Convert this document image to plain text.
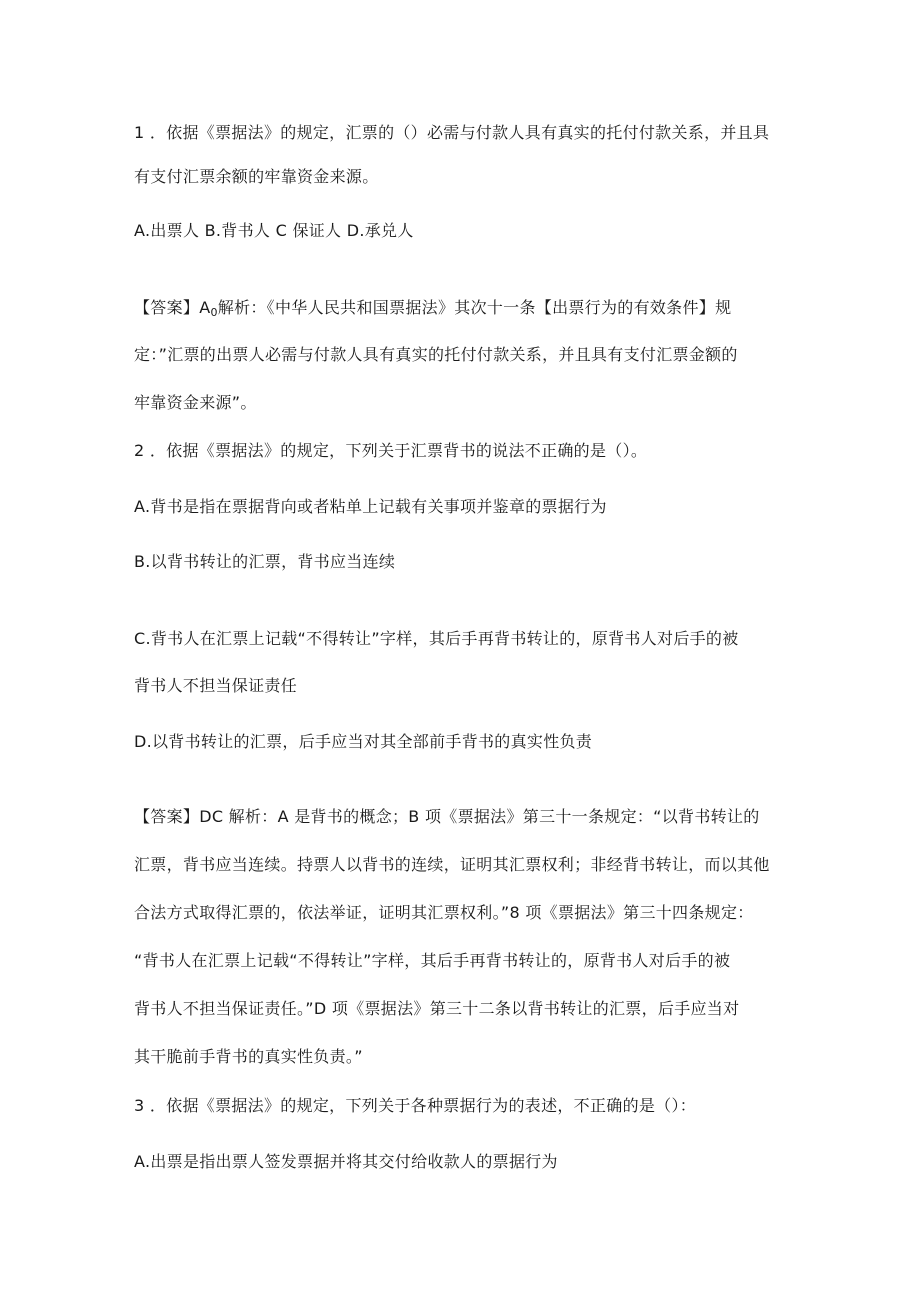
1 ．依据《票据法》的规定，汇票的（）必需与付款人具有真实的托付付款关系，并且具
有支付汇票余额的牢靠资金来源。
A.出票人 B.背书人 C 保证人 D.承兑人
【答案】$A_0$解析：《中华人民共和国票据法》其次十一条【出票行为的有效条件】规
定：”汇票的出票人必需与付款人具有真实的托付付款关系，并且具有支付汇票金额的
牢靠资金来源”。
2 ．依据《票据法》的规定，下列关于汇票背书的说法不正确的是（）。
A.背书是指在票据背向或者粘单上记载有关事项并鉴章的票据行为
B.以背书转让的汇票，背书应当连续
C.背书人在汇票上记载“不得转让”字样，其后手再背书转让的，原背书人对后手的被
背书人不担当保证责任
D.以背书转让的汇票，后手应当对其全部前手背书的真实性负责
【答案】DC 解析：A 是背书的概念；B 项《票据法》第三十一条规定：“以背书转让的
汇票，背书应当连续。持票人以背书的连续，证明其汇票权利；非经背书转让，而以其他
合法方式取得汇票的，依法举证，证明其汇票权利。”8 项《票据法》第三十四条规定：
“背书人在汇票上记载“不得转让”字样，其后手再背书转让的，原背书人对后手的被
背书人不担当保证责任。”D 项《票据法》第三十二条以背书转让的汇票，后手应当对
其干脆前手背书的真实性负责。”
3 ．依据《票据法》的规定，下列关于各种票据行为的表述，不正确的是（）：
A.出票是指出票人签发票据并将其交付给收款人的票据行为
